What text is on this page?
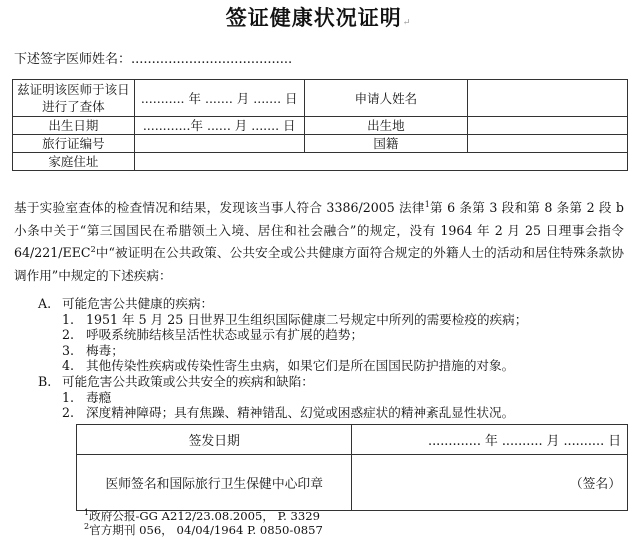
签证健康状况证明↵
下述签字医师姓名：.......................................
兹证明该医师于该日进行了查体	........... 年 ....... 月 ....... 日	申请人姓名	
出生日期	............年 ...... 月 ....... 日	出生地	
旅行证编号		国籍	
家庭住址			
基于实验室查体的检查情况和结果，发现该当事人符合 3386/2005 法律$^1$第 6 条第 3 段和第 8 条第 2 段 b 小条中关于“第三国国民在希腊领土入境、居住和社会融合”的规定，没有 1964 年 2 月 25 日理事会指令 64/221/EEC$^2$中“被证明在公共政策、公共安全或公共健康方面符合规定的外籍人士的活动和居住特殊条款协调作用”中规定的下述疾病：
A. 可能危害公共健康的疾病：
1. 1951 年 5 月 25 日世界卫生组织国际健康二号规定中所列的需要检疫的疾病；
2. 呼吸系统肺结核呈活性状态或显示有扩展的趋势；
3. 梅毒；
4. 其他传染性疾病或传染性寄生虫病，如果它们是所在国国民防护措施的对象。
B. 可能危害公共政策或公共安全的疾病和缺陷：
1. 毒瘾
2. 深度精神障碍；具有焦躁、精神错乱、幻觉或困惑症状的精神紊乱显性状况。
签发日期	............. 年 .......... 月 .......... 日
医师签名和国际旅行卫生保健中心印章	（签名）
$^1$政府公报-GG A212/23.08.2005， P. 3329
$^2$官方期刊 056， 04/04/1964 P. 0850-0857
